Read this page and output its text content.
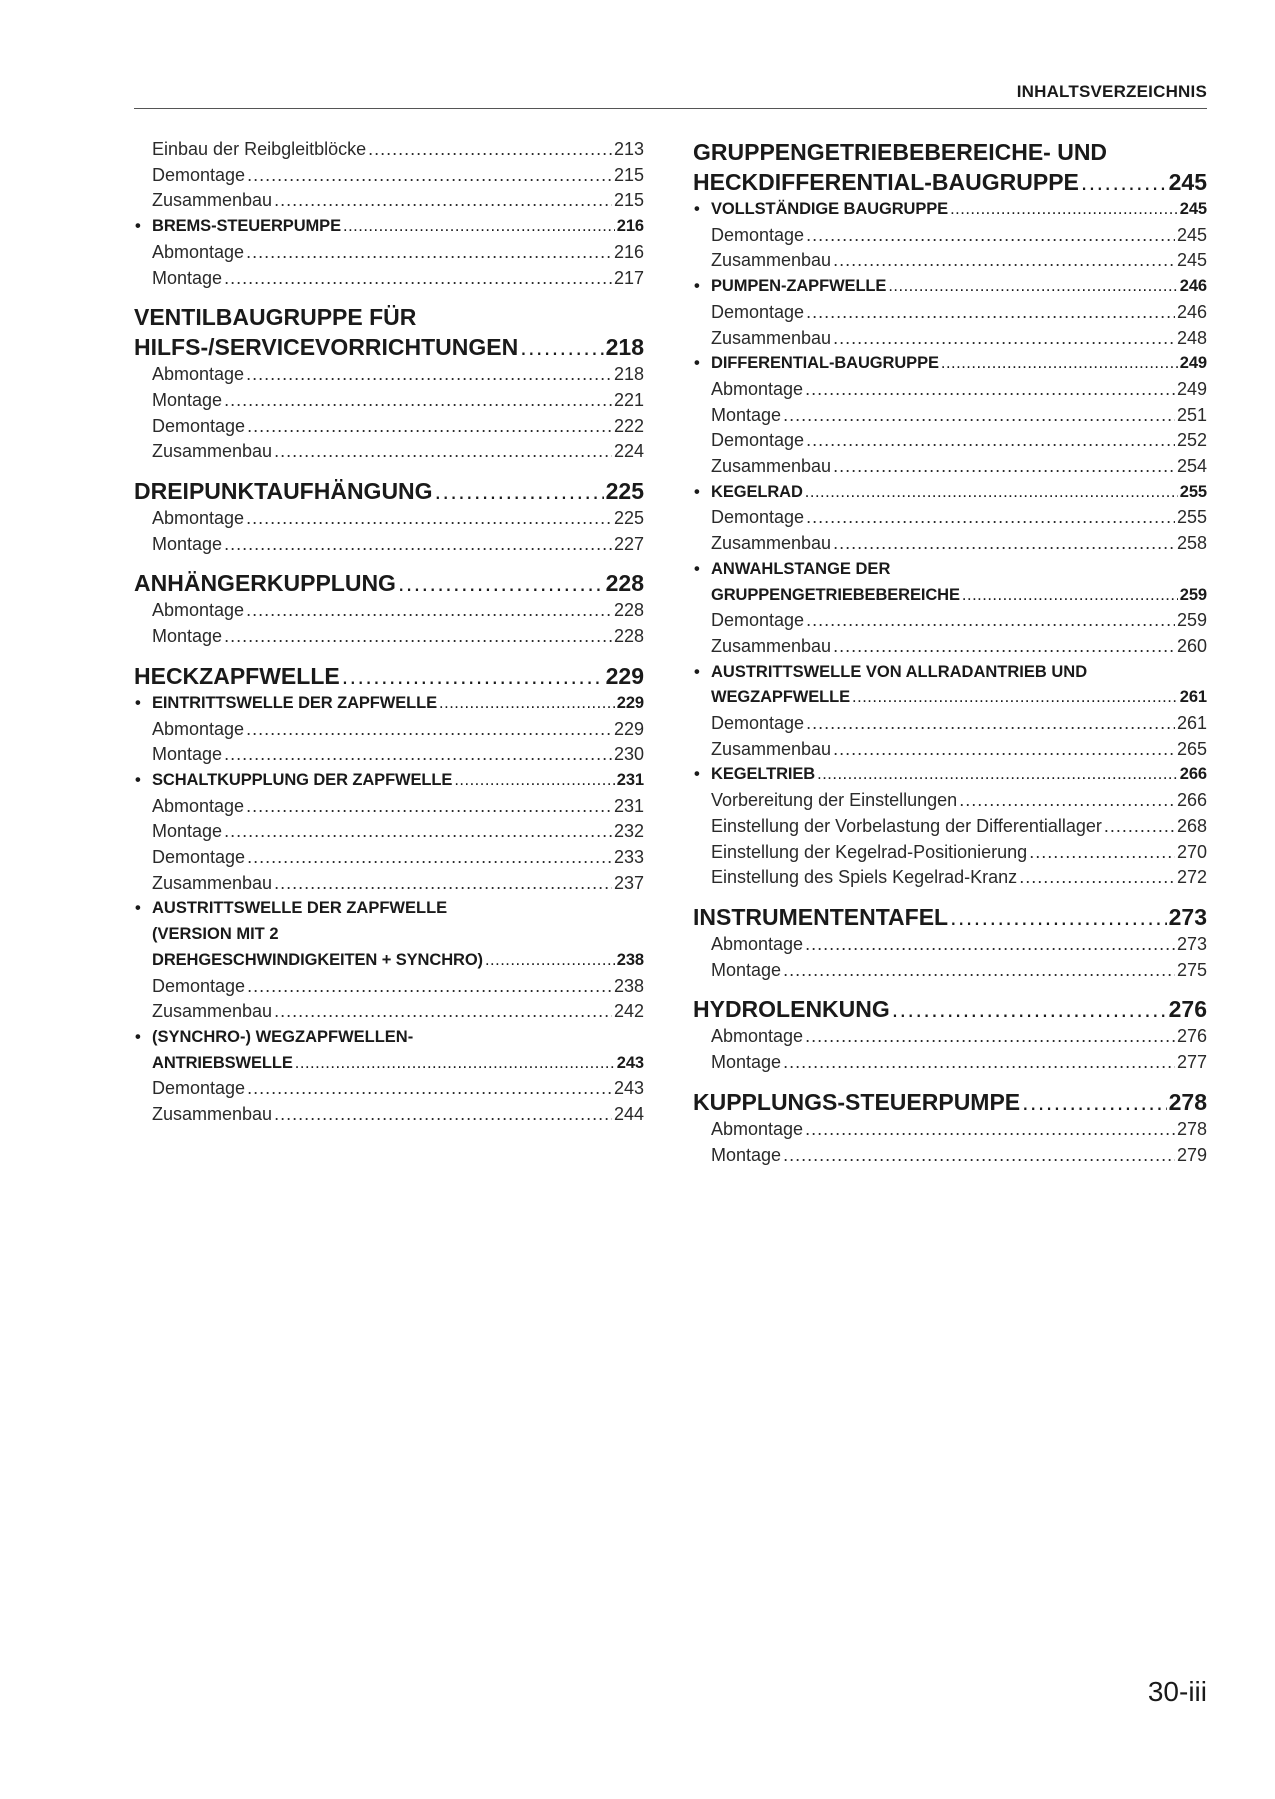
INHALTSVERZEICHNIS
Einbau der Reibgleitblöcke .....	213
Demontage .....	215
Zusammenbau .....	215
• BREMS-STEUERPUMPE .....	216
Abmontage .....	216
Montage .....	217
VENTILBAUGRUPPE FÜR
HILFS-/SERVICEVORRICHTUNGEN .....	218
Abmontage .....	218
Montage .....	221
Demontage .....	222
Zusammenbau .....	224
DREIPUNKTAUFHÄNGUNG .....	225
Abmontage .....	225
Montage .....	227
ANHÄNGERKUPPLUNG .....	228
Abmontage .....	228
Montage .....	228
HECKZAPFWELLE .....	229
• EINTRITTSWELLE DER ZAPFWELLE .....	229
Abmontage .....	229
Montage .....	230
• SCHALTKUPPLUNG DER ZAPFWELLE .....	231
Abmontage .....	231
Montage .....	232
Demontage .....	233
Zusammenbau .....	237
• AUSTRITTSWELLE DER ZAPFWELLE
(VERSION MIT 2
DREHGESCHWINDIGKEITEN + SYNCHRO) .....	238
Demontage .....	238
Zusammenbau .....	242
• (SYNCHRO-) WEGZAPFWELLEN-
ANTRIEBSWELLE .....	243
Demontage .....	243
Zusammenbau .....	244
GRUPPENGETRIEBEBEREICHE- UND
HECKDIFFERENTIAL-BAUGRUPPE .....	245
• VOLLSTÄNDIGE BAUGRUPPE .....	245
Demontage .....	245
Zusammenbau .....	245
• PUMPEN-ZAPFWELLE .....	246
Demontage .....	246
Zusammenbau .....	248
• DIFFERENTIAL-BAUGRUPPE .....	249
Abmontage .....	249
Montage .....	251
Demontage .....	252
Zusammenbau .....	254
• KEGELRAD .....	255
Demontage .....	255
Zusammenbau .....	258
• ANWAHLSTANGE DER
GRUPPENGETRIEBEBEREICHE .....	259
Demontage .....	259
Zusammenbau .....	260
• AUSTRITTSWELLE VON ALLRADANTRIEB UND
WEGZAPFWELLE .....	261
Demontage .....	261
Zusammenbau .....	265
• KEGELTRIEB .....	266
Vorbereitung der Einstellungen .....	266
Einstellung der Vorbelastung der Differentiallager .....	268
Einstellung der Kegelrad-Positionierung .....	270
Einstellung des Spiels Kegelrad-Kranz .....	272
INSTRUMENTENTAFEL .....	273
Abmontage .....	273
Montage .....	275
HYDROLENKUNG .....	276
Abmontage .....	276
Montage .....	277
KUPPLUNGS-STEUERPUMPE .....	278
Abmontage .....	278
Montage .....	279
30-iii
